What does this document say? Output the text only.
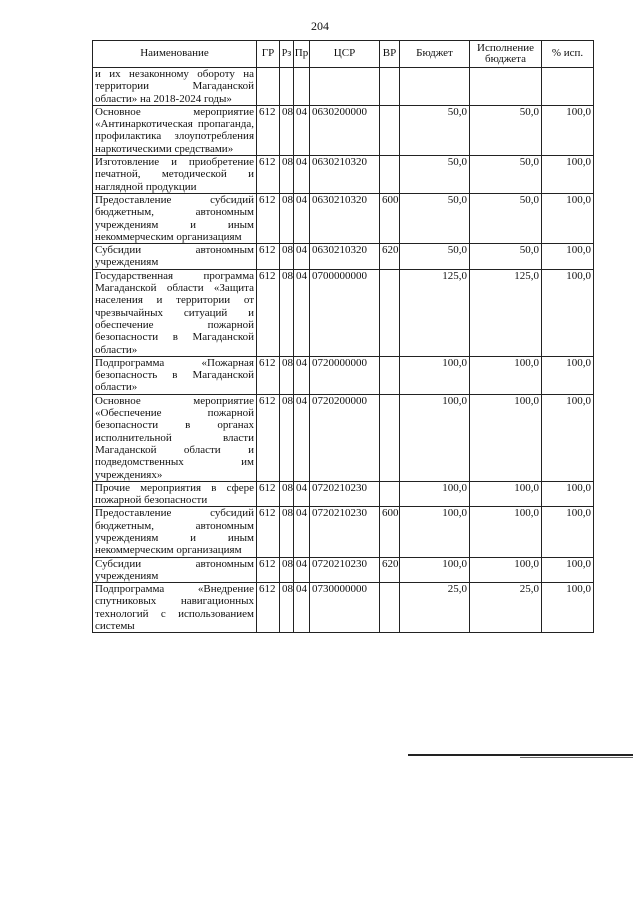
204
Наименование	ГР	Рз	Пр	ЦСР	ВР	Бюджет	Исполнение бюджета	% исп.
и их незаконному обороту на территории Магаданской области» на 2018-2024 годы»								
Основное мероприятие «Антинаркотическая пропаганда, профилактика злоупотребления наркотическими средствами»	612	08	04	0630200000		50,0	50,0	100,0
Изготовление и приобретение печатной, методической и наглядной продукции	612	08	04	0630210320		50,0	50,0	100,0
Предоставление субсидий бюджетным, автономным учреждениям и иным некоммерческим организациям	612	08	04	0630210320	600	50,0	50,0	100,0
Субсидии автономным учреждениям	612	08	04	0630210320	620	50,0	50,0	100,0
Государственная программа Магаданской области «Защита населения и территории от чрезвычайных ситуаций и обеспечение пожарной безопасности в Магаданской области»	612	08	04	0700000000		125,0	125,0	100,0
Подпрограмма «Пожарная безопасность в Магаданской области»	612	08	04	0720000000		100,0	100,0	100,0
Основное мероприятие «Обеспечение пожарной безопасности в органах исполнительной власти Магаданской области и подведомственных им учреждениях»	612	08	04	0720200000		100,0	100,0	100,0
Прочие мероприятия в сфере пожарной безопасности	612	08	04	0720210230		100,0	100,0	100,0
Предоставление субсидий бюджетным, автономным учреждениям и иным некоммерческим организациям	612	08	04	0720210230	600	100,0	100,0	100,0
Субсидии автономным учреждениям	612	08	04	0720210230	620	100,0	100,0	100,0
Подпрограмма «Внедрение спутниковых навигационных технологий с использованием системы	612	08	04	0730000000		25,0	25,0	100,0
